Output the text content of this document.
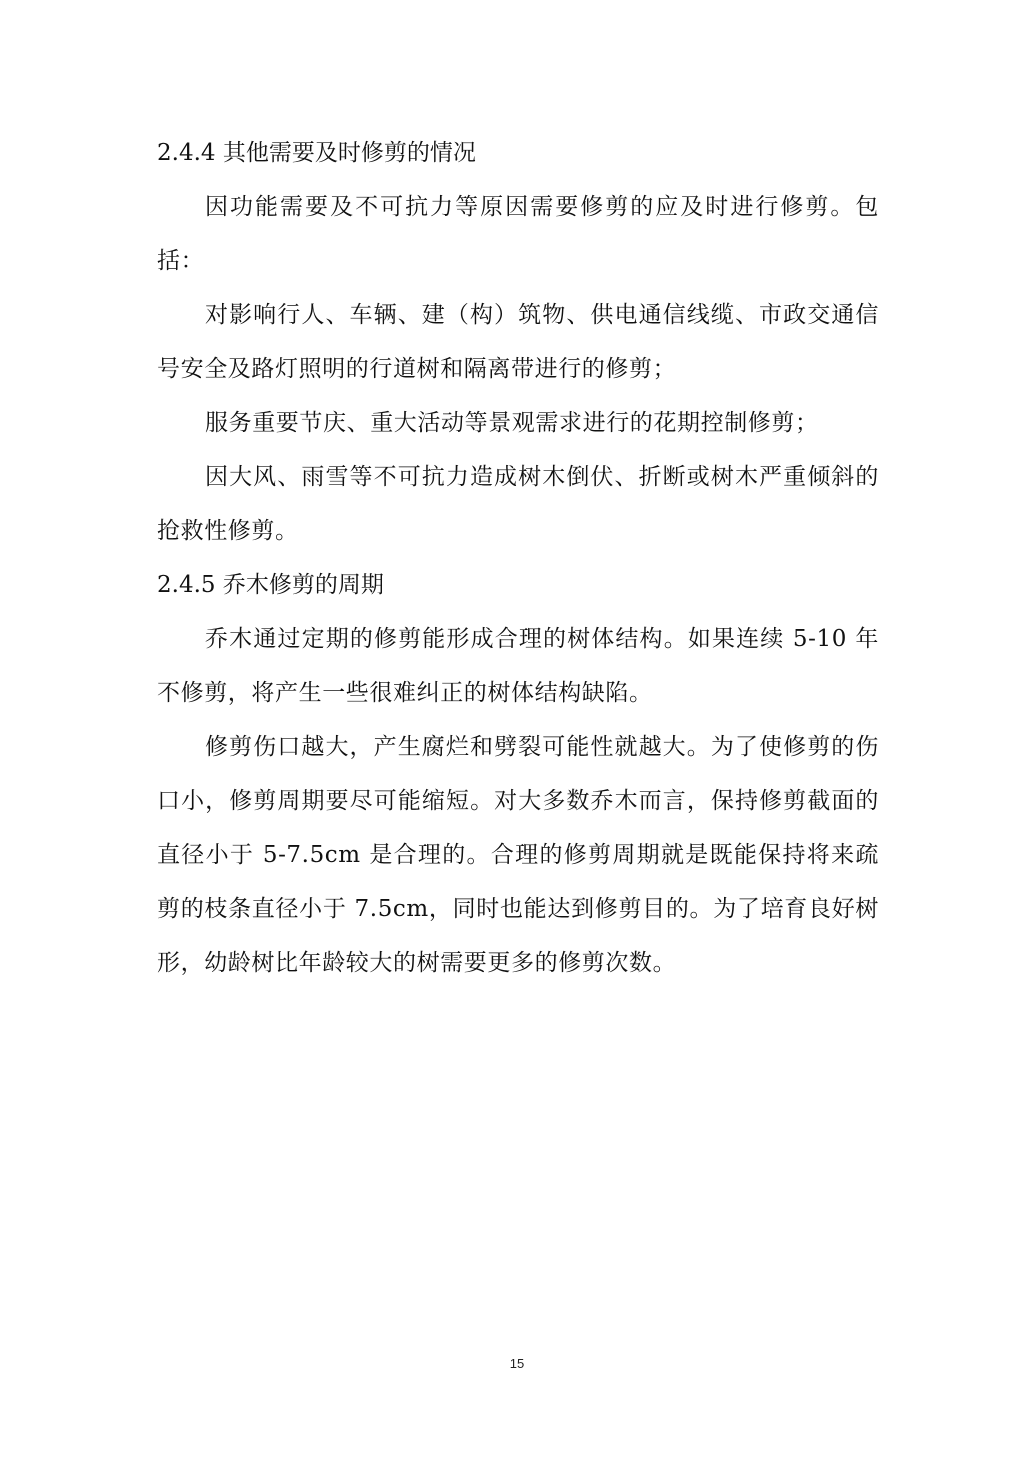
2.4.4 其他需要及时修剪的情况

因功能需要及不可抗力等原因需要修剪的应及时进行修剪。包括：

对影响行人、车辆、建（构）筑物、供电通信线缆、市政交通信号安全及路灯照明的行道树和隔离带进行的修剪；

服务重要节庆、重大活动等景观需求进行的花期控制修剪；

因大风、雨雪等不可抗力造成树木倒伏、折断或树木严重倾斜的抢救性修剪。

2.4.5 乔木修剪的周期

乔木通过定期的修剪能形成合理的树体结构。如果连续 5-10 年不修剪，将产生一些很难纠正的树体结构缺陷。

修剪伤口越大，产生腐烂和劈裂可能性就越大。为了使修剪的伤口小，修剪周期要尽可能缩短。对大多数乔木而言，保持修剪截面的直径小于 5-7.5cm 是合理的。合理的修剪周期就是既能保持将来疏剪的枝条直径小于 7.5cm，同时也能达到修剪目的。为了培育良好树形，幼龄树比年龄较大的树需要更多的修剪次数。

15
